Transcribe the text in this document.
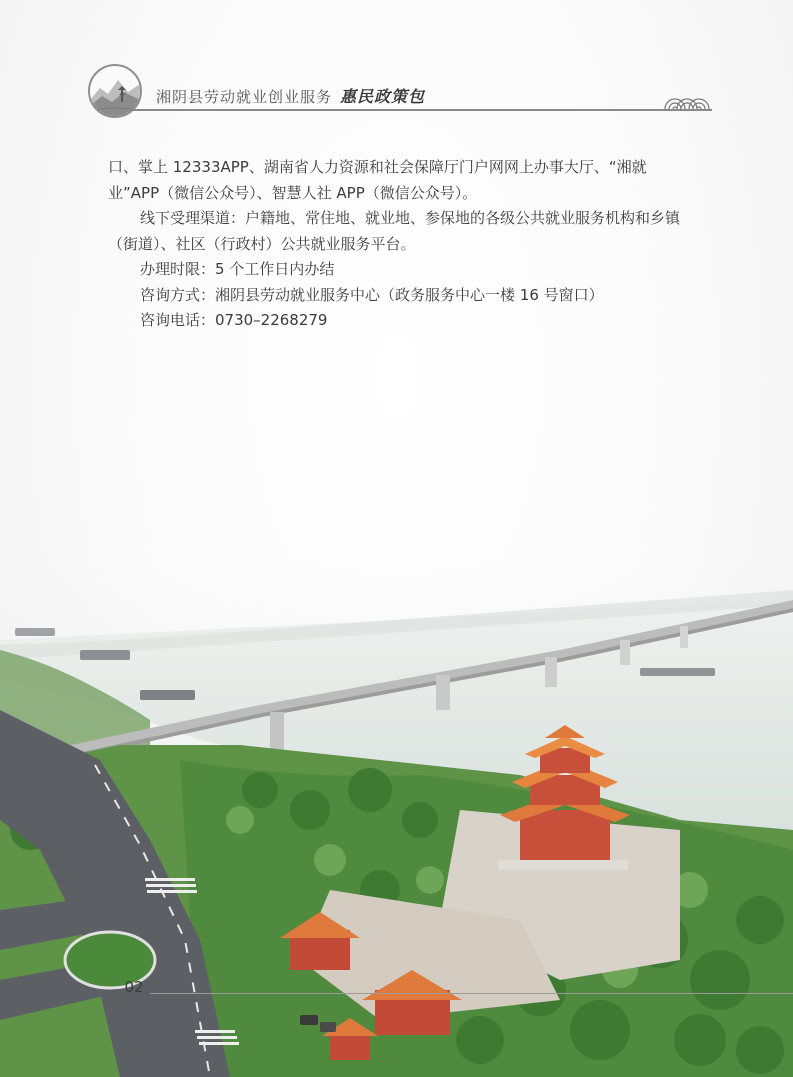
湘阴县劳动就业创业服务 惠民政策包

口、掌上 12333APP、湖南省人力资源和社会保障厅门户网网上办事大厅、“湘就业”APP（微信公众号）、智慧人社 APP（微信公众号）。

线下受理渠道：户籍地、常住地、就业地、参保地的各级公共就业服务机构和乡镇（街道）、社区（行政村）公共就业服务平台。

办理时限：5 个工作日内办结

咨询方式：湘阴县劳动就业服务中心（政务服务中心一楼 16 号窗口）

咨询电话：0730–2268279

02
